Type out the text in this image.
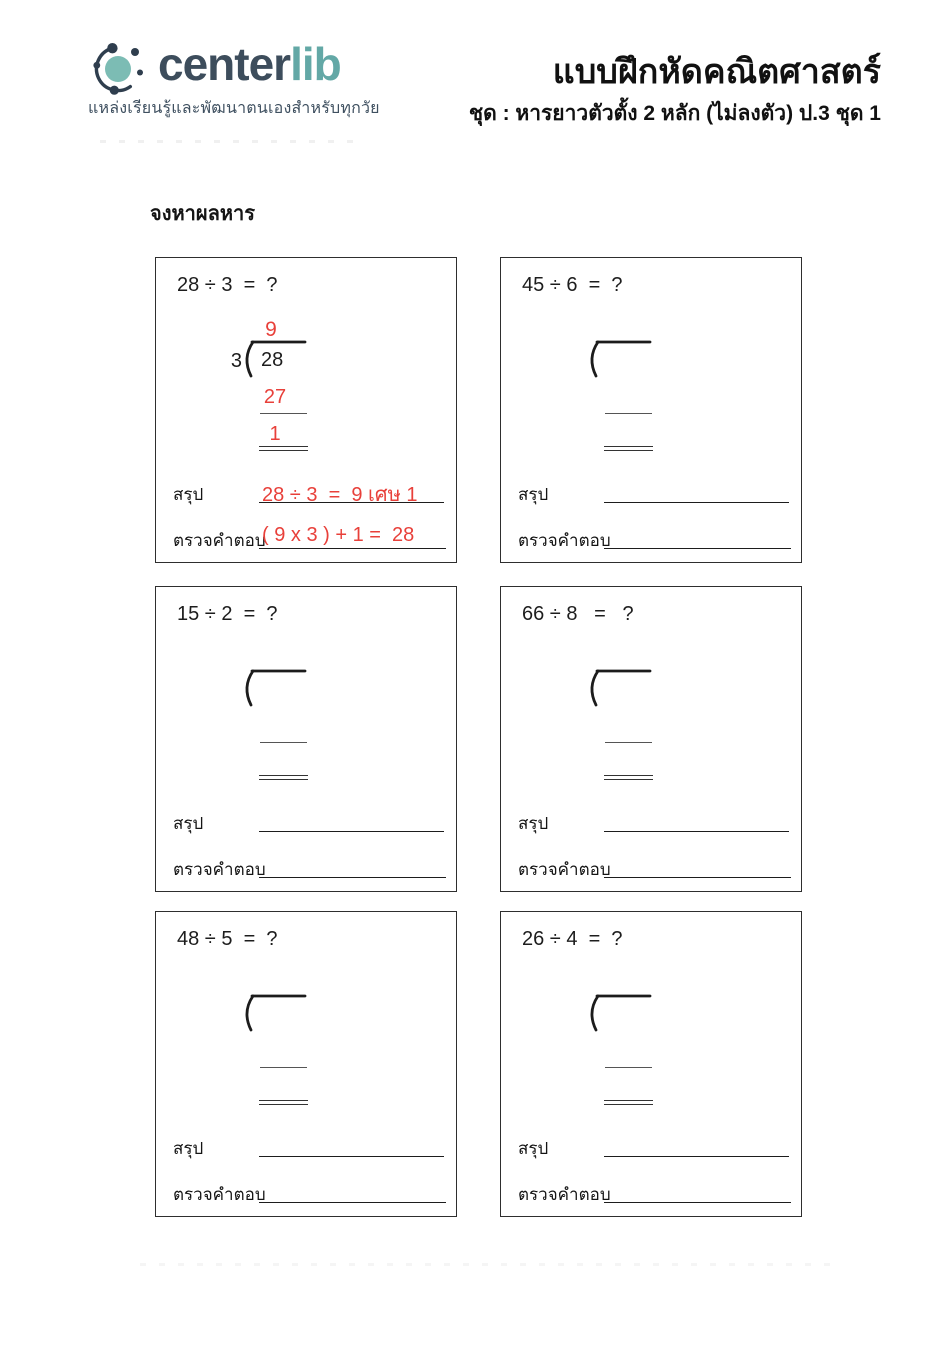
centerlib
แหล่งเรียนรู้และพัฒนาตนเองสำหรับทุกวัย
แบบฝึกหัดคณิตศาสตร์
ชุด : หารยาวตัวตั้ง 2 หลัก (ไม่ลงตัว) ป.3 ชุด 1
จงหาผลหาร
28 ÷ 3  =  ?
9
3 28
27
1
สรุป	28 ÷ 3  =  9 เศษ 1
ตรวจคำตอบ
( 9 x 3 ) + 1 =  28
45 ÷ 6  =  ?
สรุป
ตรวจคำตอบ
15 ÷ 2  =  ?
สรุป
ตรวจคำตอบ
66 ÷ 8   =   ?
สรุป
ตรวจคำตอบ
48 ÷ 5  =  ?
สรุป
ตรวจคำตอบ
26 ÷ 4  =  ?
สรุป
ตรวจคำตอบ
